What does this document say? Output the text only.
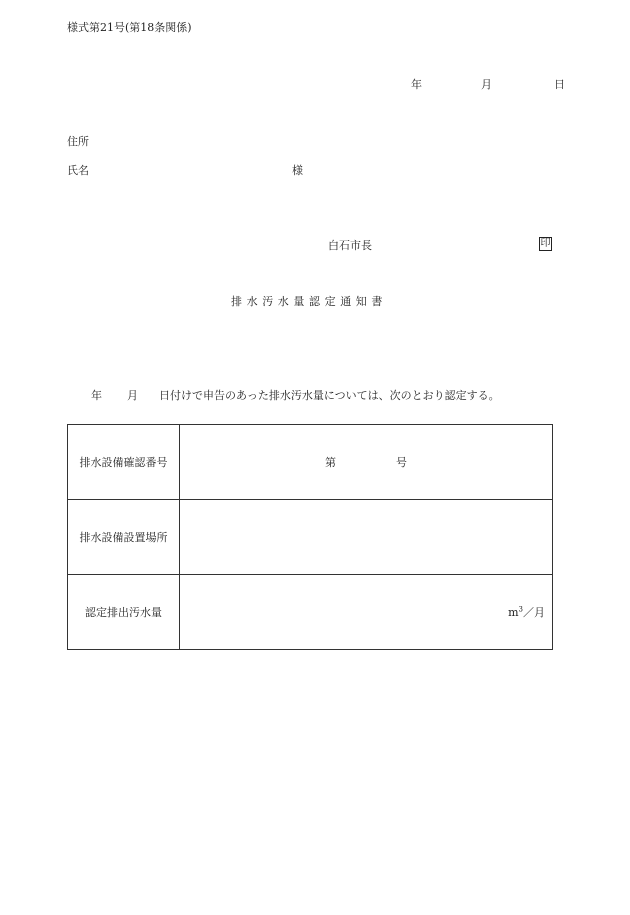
様式第21号(第18条関係)
年	月	日
住所
氏名	様
白石市長	印
排水汚水量認定通知書
年 月 日付けで申告のあった排水汚水量については、次のとおり認定する。
排水設備確認番号	第 号
排水設備設置場所	
認定排出汚水量	$m^3/$月
